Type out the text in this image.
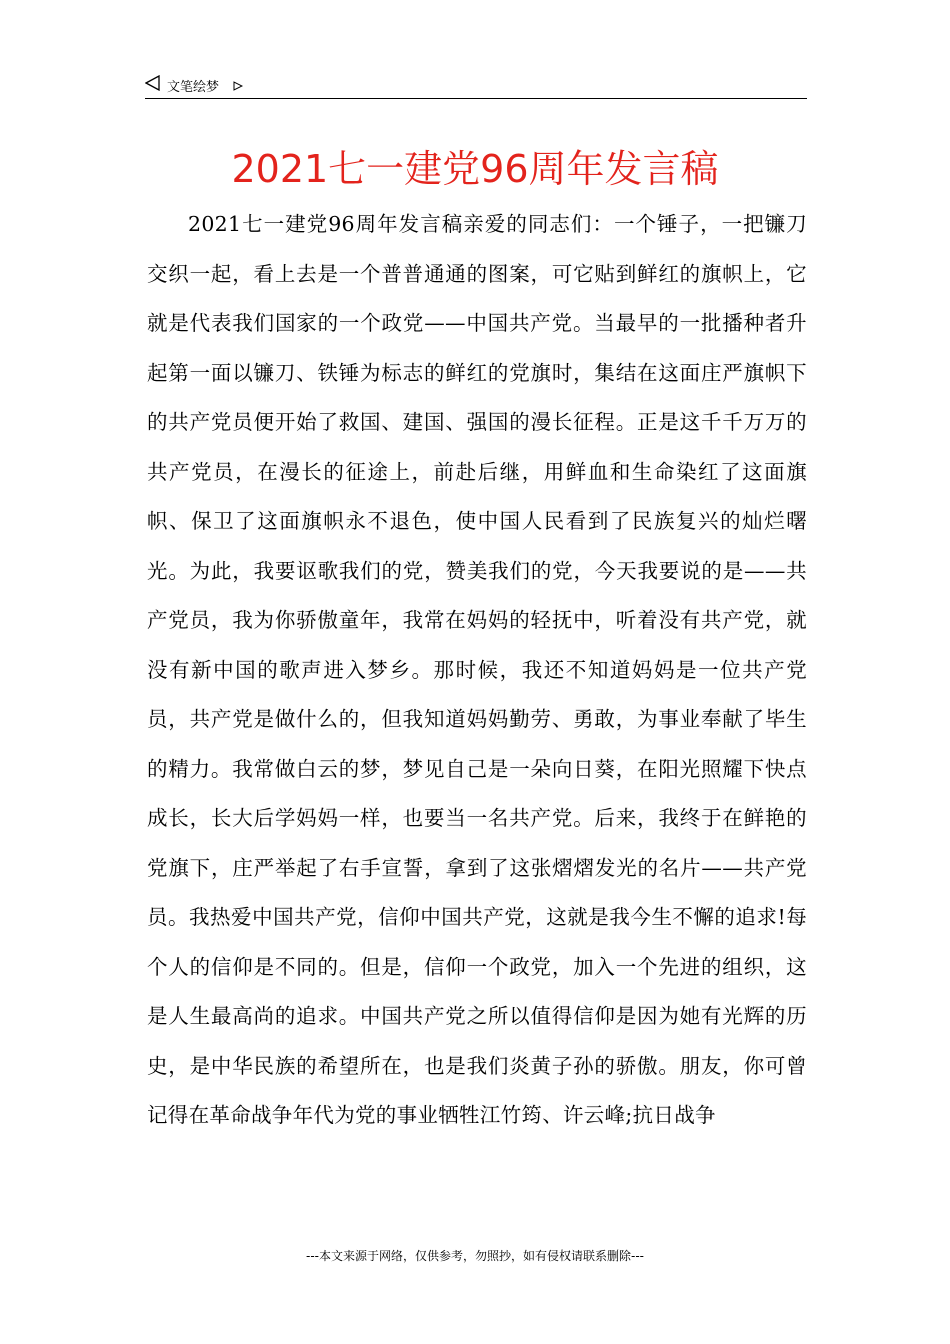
文笔绘梦
2021七一建党96周年发言稿
2021七一建党96周年发言稿亲爱的同志们：一个锤子，一把镰刀交织一起，看上去是一个普普通通的图案，可它贴到鲜红的旗帜上，它就是代表我们国家的一个政党——中国共产党。当最早的一批播种者升起第一面以镰刀、铁锤为标志的鲜红的党旗时，集结在这面庄严旗帜下的共产党员便开始了救国、建国、强国的漫长征程。正是这千千万万的共产党员，在漫长的征途上，前赴后继，用鲜血和生命染红了这面旗帜、保卫了这面旗帜永不退色，使中国人民看到了民族复兴的灿烂曙光。为此，我要讴歌我们的党，赞美我们的党，今天我要说的是——共产党员，我为你骄傲童年，我常在妈妈的轻抚中，听着没有共产党，就没有新中国的歌声进入梦乡。那时候，我还不知道妈妈是一位共产党员，共产党是做什么的，但我知道妈妈勤劳、勇敢，为事业奉献了毕生的精力。我常做白云的梦，梦见自己是一朵向日葵，在阳光照耀下快点成长，长大后学妈妈一样，也要当一名共产党。后来，我终于在鲜艳的党旗下，庄严举起了右手宣誓，拿到了这张熠熠发光的名片——共产党员。我热爱中国共产党，信仰中国共产党，这就是我今生不懈的追求!每个人的信仰是不同的。但是，信仰一个政党，加入一个先进的组织，这是人生最高尚的追求。中国共产党之所以值得信仰是因为她有光辉的历史，是中华民族的希望所在，也是我们炎黄子孙的骄傲。朋友，你可曾记得在革命战争年代为党的事业牺牲江竹筠、许云峰;抗日战争
---本文来源于网络，仅供参考，勿照抄，如有侵权请联系删除---
